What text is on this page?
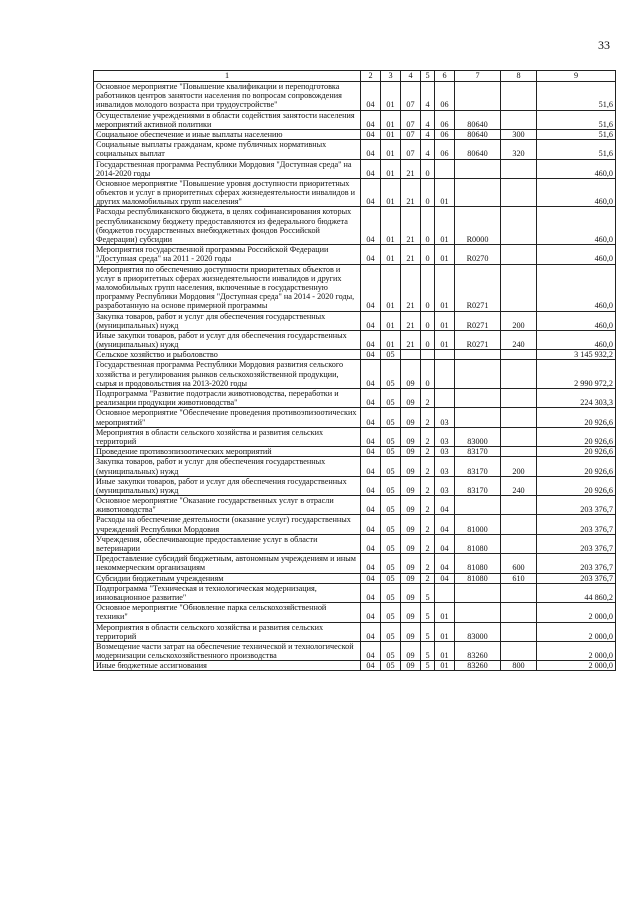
33
1	2	3	4	5	6	7	8	9
Основное мероприятие "Повышение квалификации и переподготовка работников центров занятости населения по вопросам сопровождения инвалидов молодого возраста при трудоустройстве"	04	01	07	4	06			51,6
Осуществление учреждениями в области содействия занятости населения мероприятий активной политики	04	01	07	4	06	80640		51,6
Социальное обеспечение и иные выплаты населению	04	01	07	4	06	80640	300	51,6
Социальные выплаты гражданам, кроме публичных нормативных социальных выплат	04	01	07	4	06	80640	320	51,6
Государственная программа Республики Мордовия "Доступная среда" на 2014-2020 годы	04	01	21	0				460,0
Основное мероприятие "Повышение уровня доступности приоритетных объектов и услуг в приоритетных сферах жизнедеятельности инвалидов и других маломобильных групп населения"	04	01	21	0	01			460,0
Расходы республиканского бюджета, в целях софинансирования которых республиканскому бюджету предоставляются из федерального бюджета (бюджетов государственных внебюджетных фондов Российской Федерации) субсидии	04	01	21	0	01	R0000		460,0
Мероприятия государственной программы Российской Федерации "Доступная среда" на 2011 - 2020 годы	04	01	21	0	01	R0270		460,0
Мероприятия по обеспечению доступности приоритетных объектов и услуг в приоритетных сферах жизнедеятельности инвалидов и других маломобильных групп населения, включенные в государственную программу Республики Мордовия "Доступная среда" на 2014 - 2020 годы, разработанную на основе примерной программы	04	01	21	0	01	R0271		460,0
Закупка товаров, работ и услуг для обеспечения государственных (муниципальных) нужд	04	01	21	0	01	R0271	200	460,0
Иные закупки товаров, работ и услуг для обеспечения государственных (муниципальных) нужд	04	01	21	0	01	R0271	240	460,0
Сельское хозяйство и рыболовство	04	05						3 145 932,2
Государственная программа Республики Мордовия развития сельского хозяйства и регулирования рынков сельскохозяйственной продукции, сырья и продовольствия на 2013-2020 годы	04	05	09	0				2 990 972,2
Подпрограмма "Развитие подотрасли животноводства, переработки и реализации продукции животноводства"	04	05	09	2				224 303,3
Основное мероприятие "Обеспечение проведения противоэпизоотических мероприятий"	04	05	09	2	03			20 926,6
Мероприятия в области сельского хозяйства и развития сельских территорий	04	05	09	2	03	83000		20 926,6
Проведение противоэпизоотических мероприятий	04	05	09	2	03	83170		20 926,6
Закупка товаров, работ и услуг для обеспечения государственных (муниципальных) нужд	04	05	09	2	03	83170	200	20 926,6
Иные закупки товаров, работ и услуг для обеспечения государственных (муниципальных) нужд	04	05	09	2	03	83170	240	20 926,6
Основное мероприятие "Оказание государственных услуг в отрасли животноводства"	04	05	09	2	04			203 376,7
Расходы на обеспечение деятельности (оказание услуг) государственных учреждений Республики Мордовия	04	05	09	2	04	81000		203 376,7
Учреждения, обеспечивающие предоставление услуг в области ветеринарии	04	05	09	2	04	81080		203 376,7
Предоставление субсидий бюджетным, автономным учреждениям и иным некоммерческим организациям	04	05	09	2	04	81080	600	203 376,7
Субсидии бюджетным учреждениям	04	05	09	2	04	81080	610	203 376,7
Подпрограмма "Техническая и технологическая модернизация, инновационное развитие"	04	05	09	5				44 860,2
Основное мероприятие "Обновление парка сельскохозяйственной техники"	04	05	09	5	01			2 000,0
Мероприятия в области сельского хозяйства и развития сельских территорий	04	05	09	5	01	83000		2 000,0
Возмещение части затрат на обеспечение технической и технологической модернизации сельскохозяйственного производства	04	05	09	5	01	83260		2 000,0
Иные бюджетные ассигнования	04	05	09	5	01	83260	800	2 000,0
